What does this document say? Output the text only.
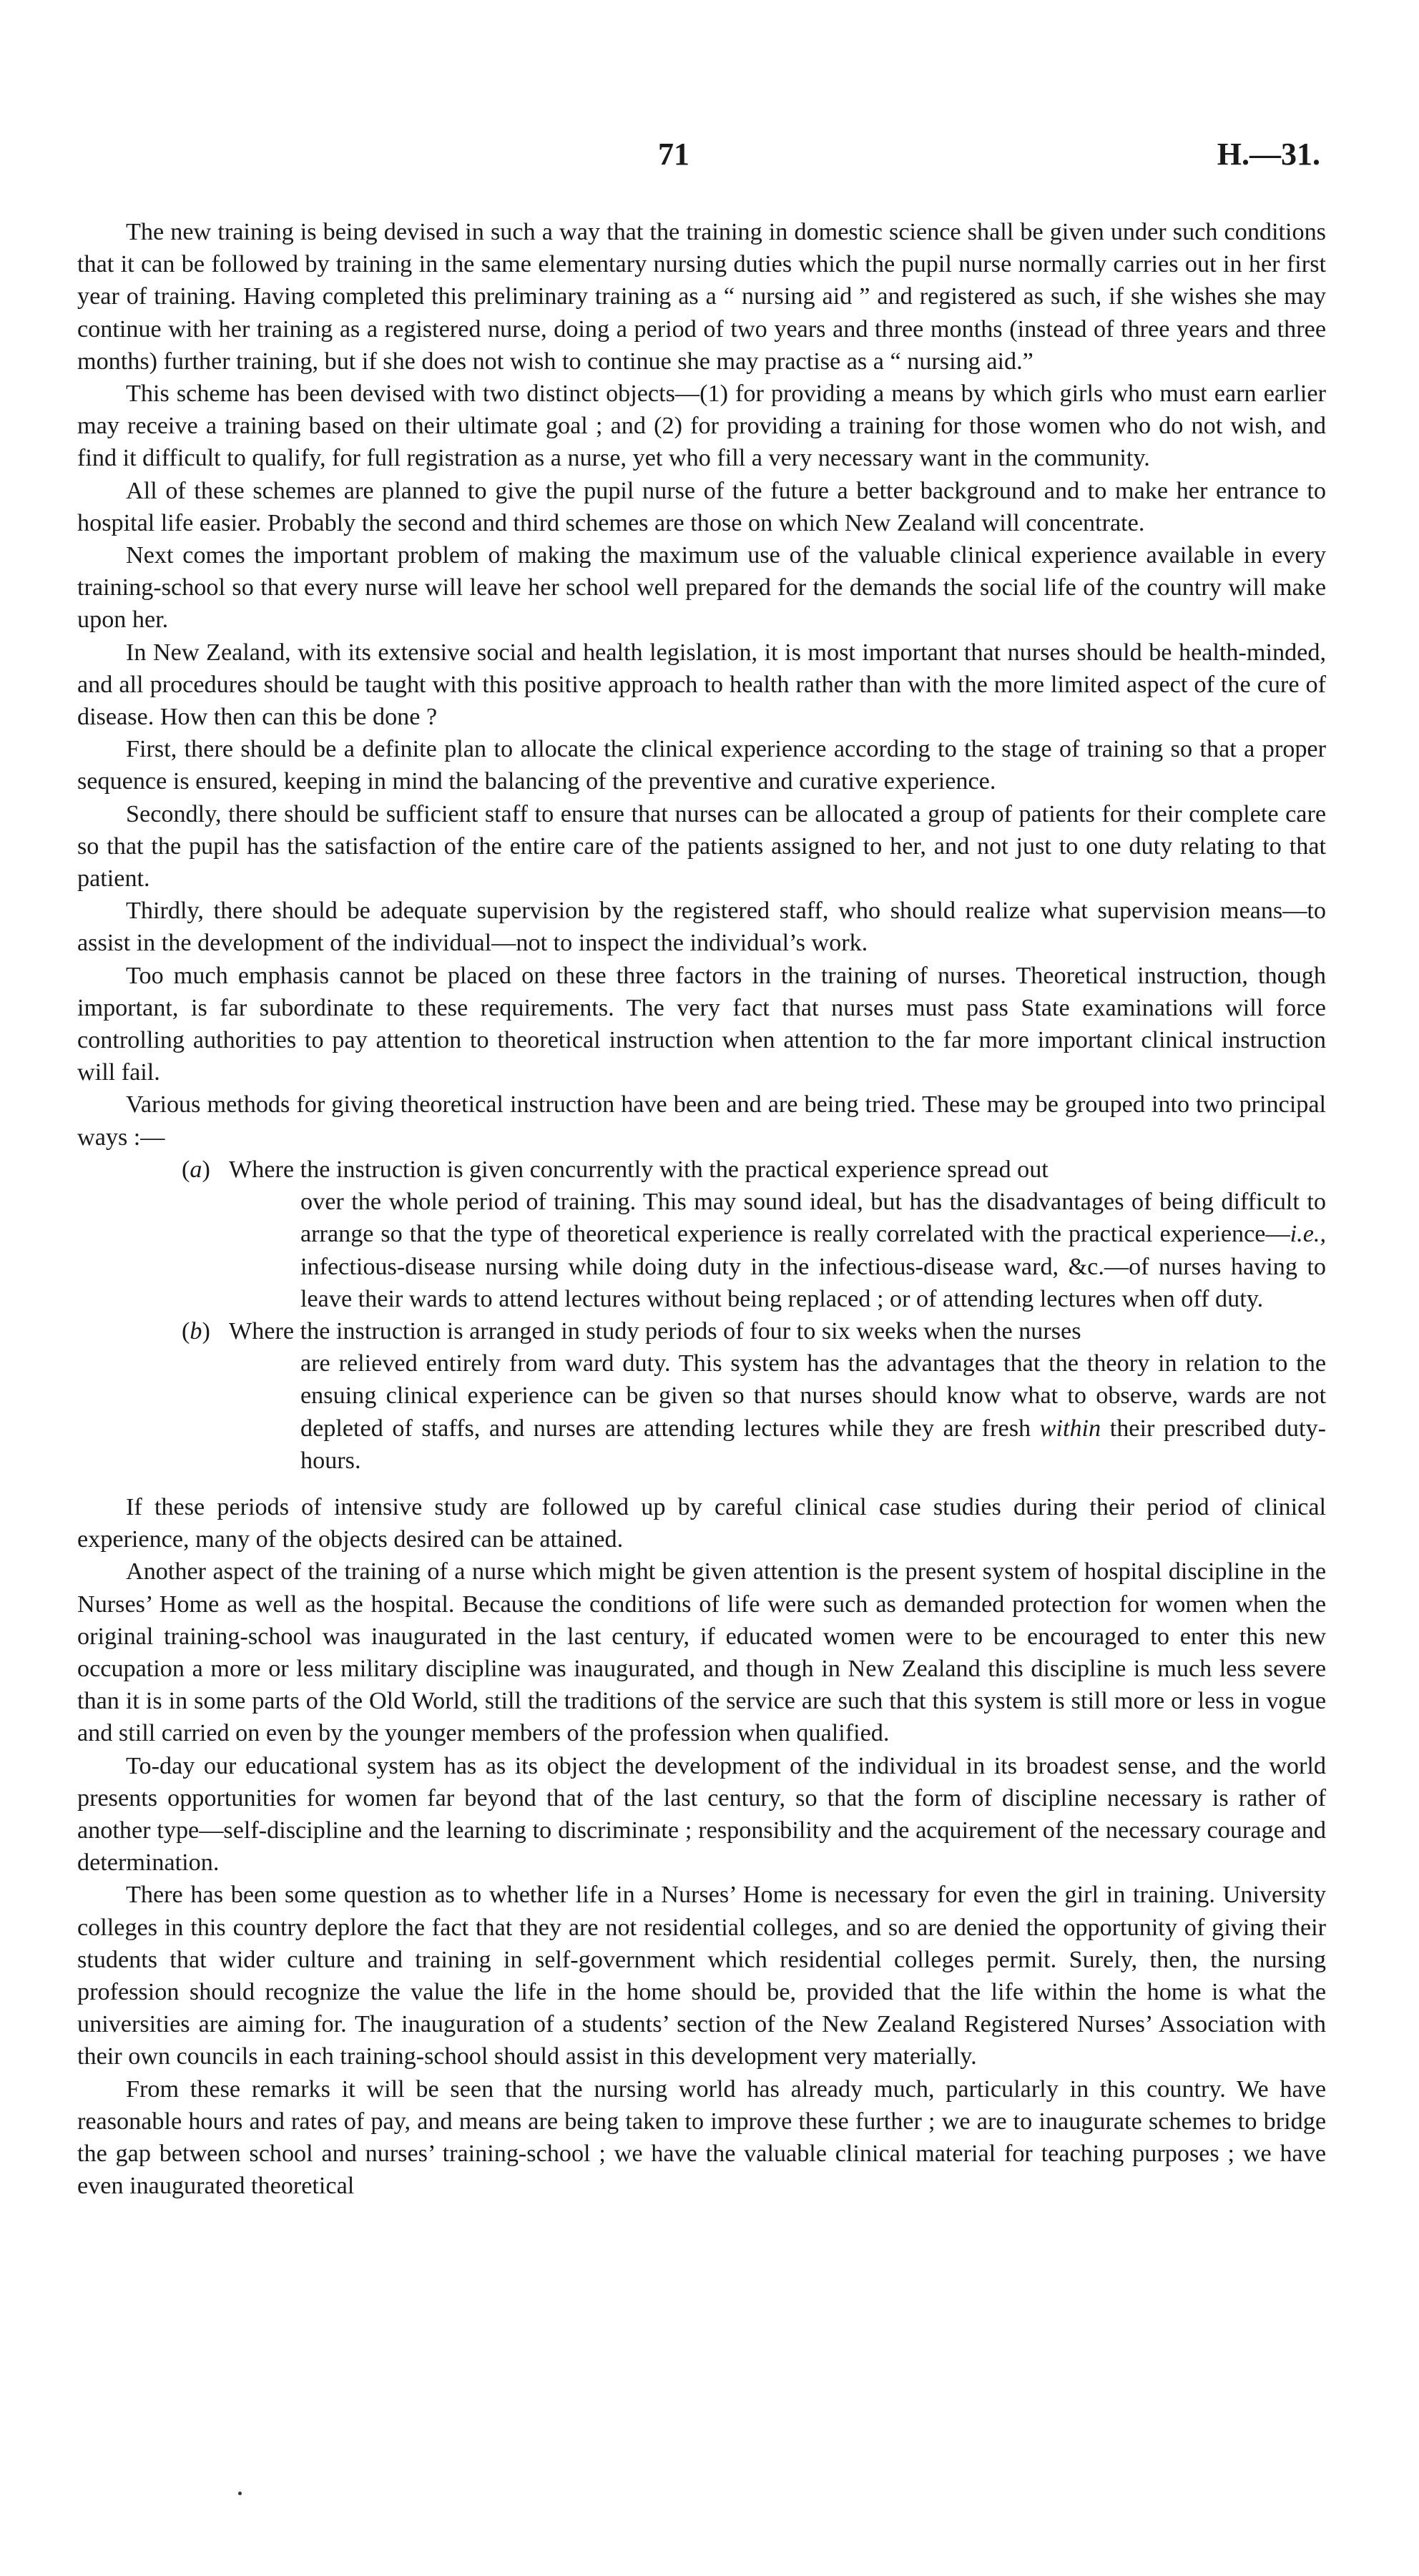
71	H.—31.

The new training is being devised in such a way that the training in domestic science shall be given under such conditions that it can be followed by training in the same elementary nursing duties which the pupil nurse normally carries out in her first year of training. Having completed this preliminary training as a “ nursing aid ” and registered as such, if she wishes she may continue with her training as a registered nurse, doing a period of two years and three months (instead of three years and three months) further training, but if she does not wish to continue she may practise as a “ nursing aid.”

This scheme has been devised with two distinct objects—(1) for providing a means by which girls who must earn earlier may receive a training based on their ultimate goal ; and (2) for providing a training for those women who do not wish, and find it difficult to qualify, for full registration as a nurse, yet who fill a very necessary want in the community.

All of these schemes are planned to give the pupil nurse of the future a better background and to make her entrance to hospital life easier. Probably the second and third schemes are those on which New Zealand will concentrate.

Next comes the important problem of making the maximum use of the valuable clinical experience available in every training-school so that every nurse will leave her school well prepared for the demands the social life of the country will make upon her.

In New Zealand, with its extensive social and health legislation, it is most important that nurses should be health-minded, and all procedures should be taught with this positive approach to health rather than with the more limited aspect of the cure of disease. How then can this be done ?

First, there should be a definite plan to allocate the clinical experience according to the stage of training so that a proper sequence is ensured, keeping in mind the balancing of the preventive and curative experience.

Secondly, there should be sufficient staff to ensure that nurses can be allocated a group of patients for their complete care so that the pupil has the satisfaction of the entire care of the patients assigned to her, and not just to one duty relating to that patient.

Thirdly, there should be adequate supervision by the registered staff, who should realize what supervision means—to assist in the development of the individual—not to inspect the individual’s work.

Too much emphasis cannot be placed on these three factors in the training of nurses. Theoretical instruction, though important, is far subordinate to these requirements. The very fact that nurses must pass State examinations will force controlling authorities to pay attention to theoretical instruction when attention to the far more important clinical instruction will fail.

Various methods for giving theoretical instruction have been and are being tried. These may be grouped into two principal ways :—

(a) Where the instruction is given concurrently with the practical experience spread out
over the whole period of training. This may sound ideal, but has the disadvantages of being difficult to arrange so that the type of theoretical experience is really correlated with the practical experience—i.e., infectious-disease nursing while doing duty in the infectious-disease ward, &c.—of nurses having to leave their wards to attend lectures without being replaced ; or of attending lectures when off duty.
(b) Where the instruction is arranged in study periods of four to six weeks when the nurses
are relieved entirely from ward duty. This system has the advantages that the theory in relation to the ensuing clinical experience can be given so that nurses should know what to observe, wards are not depleted of staffs, and nurses are attending lectures while they are fresh within their prescribed duty-hours.

If these periods of intensive study are followed up by careful clinical case studies during their period of clinical experience, many of the objects desired can be attained.

Another aspect of the training of a nurse which might be given attention is the present system of hospital discipline in the Nurses’ Home as well as the hospital. Because the conditions of life were such as demanded protection for women when the original training-school was inaugurated in the last century, if educated women were to be encouraged to enter this new occupation a more or less military discipline was inaugurated, and though in New Zealand this discipline is much less severe than it is in some parts of the Old World, still the traditions of the service are such that this system is still more or less in vogue and still carried on even by the younger members of the profession when qualified.

To-day our educational system has as its object the development of the individual in its broadest sense, and the world presents opportunities for women far beyond that of the last century, so that the form of discipline necessary is rather of another type—self-discipline and the learning to discriminate ; responsibility and the acquirement of the necessary courage and determination.

There has been some question as to whether life in a Nurses’ Home is necessary for even the girl in training. University colleges in this country deplore the fact that they are not residential colleges, and so are denied the opportunity of giving their students that wider culture and training in self-government which residential colleges permit. Surely, then, the nursing profession should recognize the value the life in the home should be, provided that the life within the home is what the universities are aiming for. The inauguration of a students’ section of the New Zealand Registered Nurses’ Association with their own councils in each training-school should assist in this development very materially.

From these remarks it will be seen that the nursing world has already much, particularly in this country. We have reasonable hours and rates of pay, and means are being taken to improve these further ; we are to inaugurate schemes to bridge the gap between school and nurses’ training-school ; we have the valuable clinical material for teaching purposes ; we have even inaugurated theoretical
